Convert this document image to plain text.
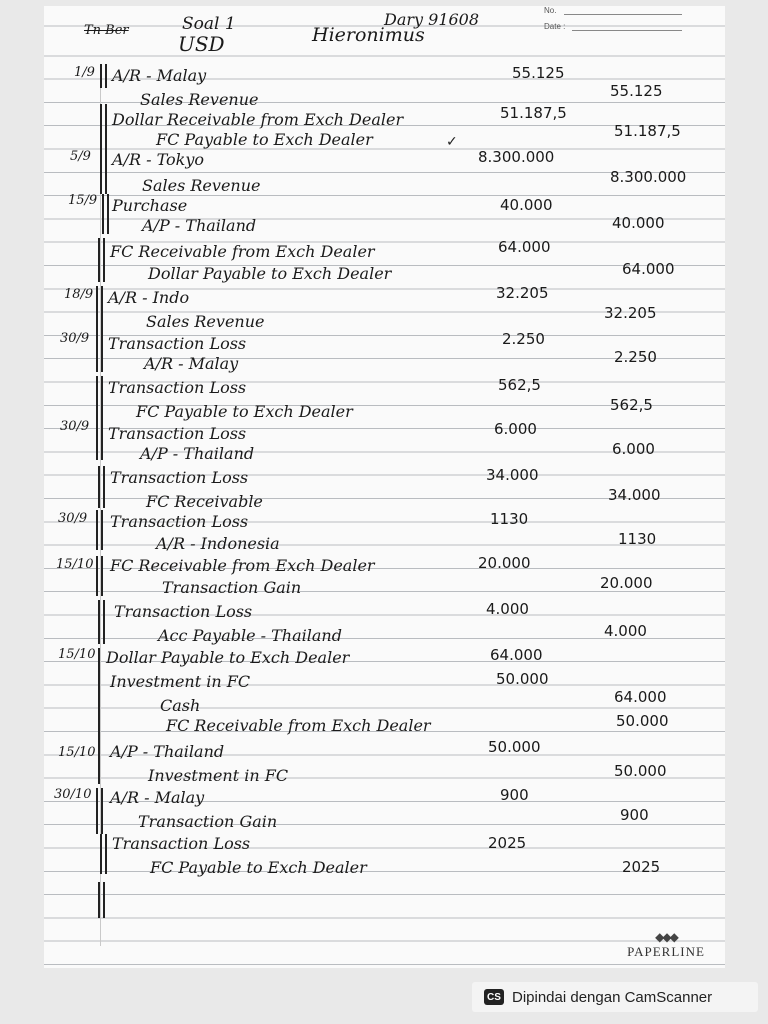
No.
Date :
Tn Ber	Soal 1
USD	Hieronimus
Dary 91608
1/9 A/R - Malay	55.125
Sales Revenue	55.125
Dollar Receivable from Exch Dealer	51.187,5
FC Payable to Exch Dealer	51.187,5
✓
5/9 A/R - Tokyo	8.300.000
Sales Revenue	8.300.000
15/9 Purchase	40.000
A/P - Thailand	40.000
FC Receivable from Exch Dealer	64.000
Dollar Payable to Exch Dealer	64.000
18/9 A/R - Indo	32.205
Sales Revenue	32.205
30/9 Transaction Loss	2.250
A/R - Malay	2.250
Transaction Loss	562,5
FC Payable to Exch Dealer	562,5
30/9 Transaction Loss	6.000
A/P - Thailand	6.000
Transaction Loss	34.000
FC Receivable	34.000
30/9 Transaction Loss	1130
A/R - Indonesia	1130
15/10 FC Receivable from Exch Dealer	20.000
Transaction Gain	20.000
Transaction Loss	4.000
Acc Payable - Thailand	4.000
15/10 Dollar Payable to Exch Dealer	64.000
Investment in FC	50.000
Cash	64.000
FC Receivable from Exch Dealer	50.000
15/10 A/P - Thailand	50.000
Investment in FC	50.000
30/10 A/R - Malay	900
Transaction Gain	900
Transaction Loss	2025
FC Payable to Exch Dealer	2025
◆◆◆
PAPERLINE
CS Dipindai dengan CamScanner
